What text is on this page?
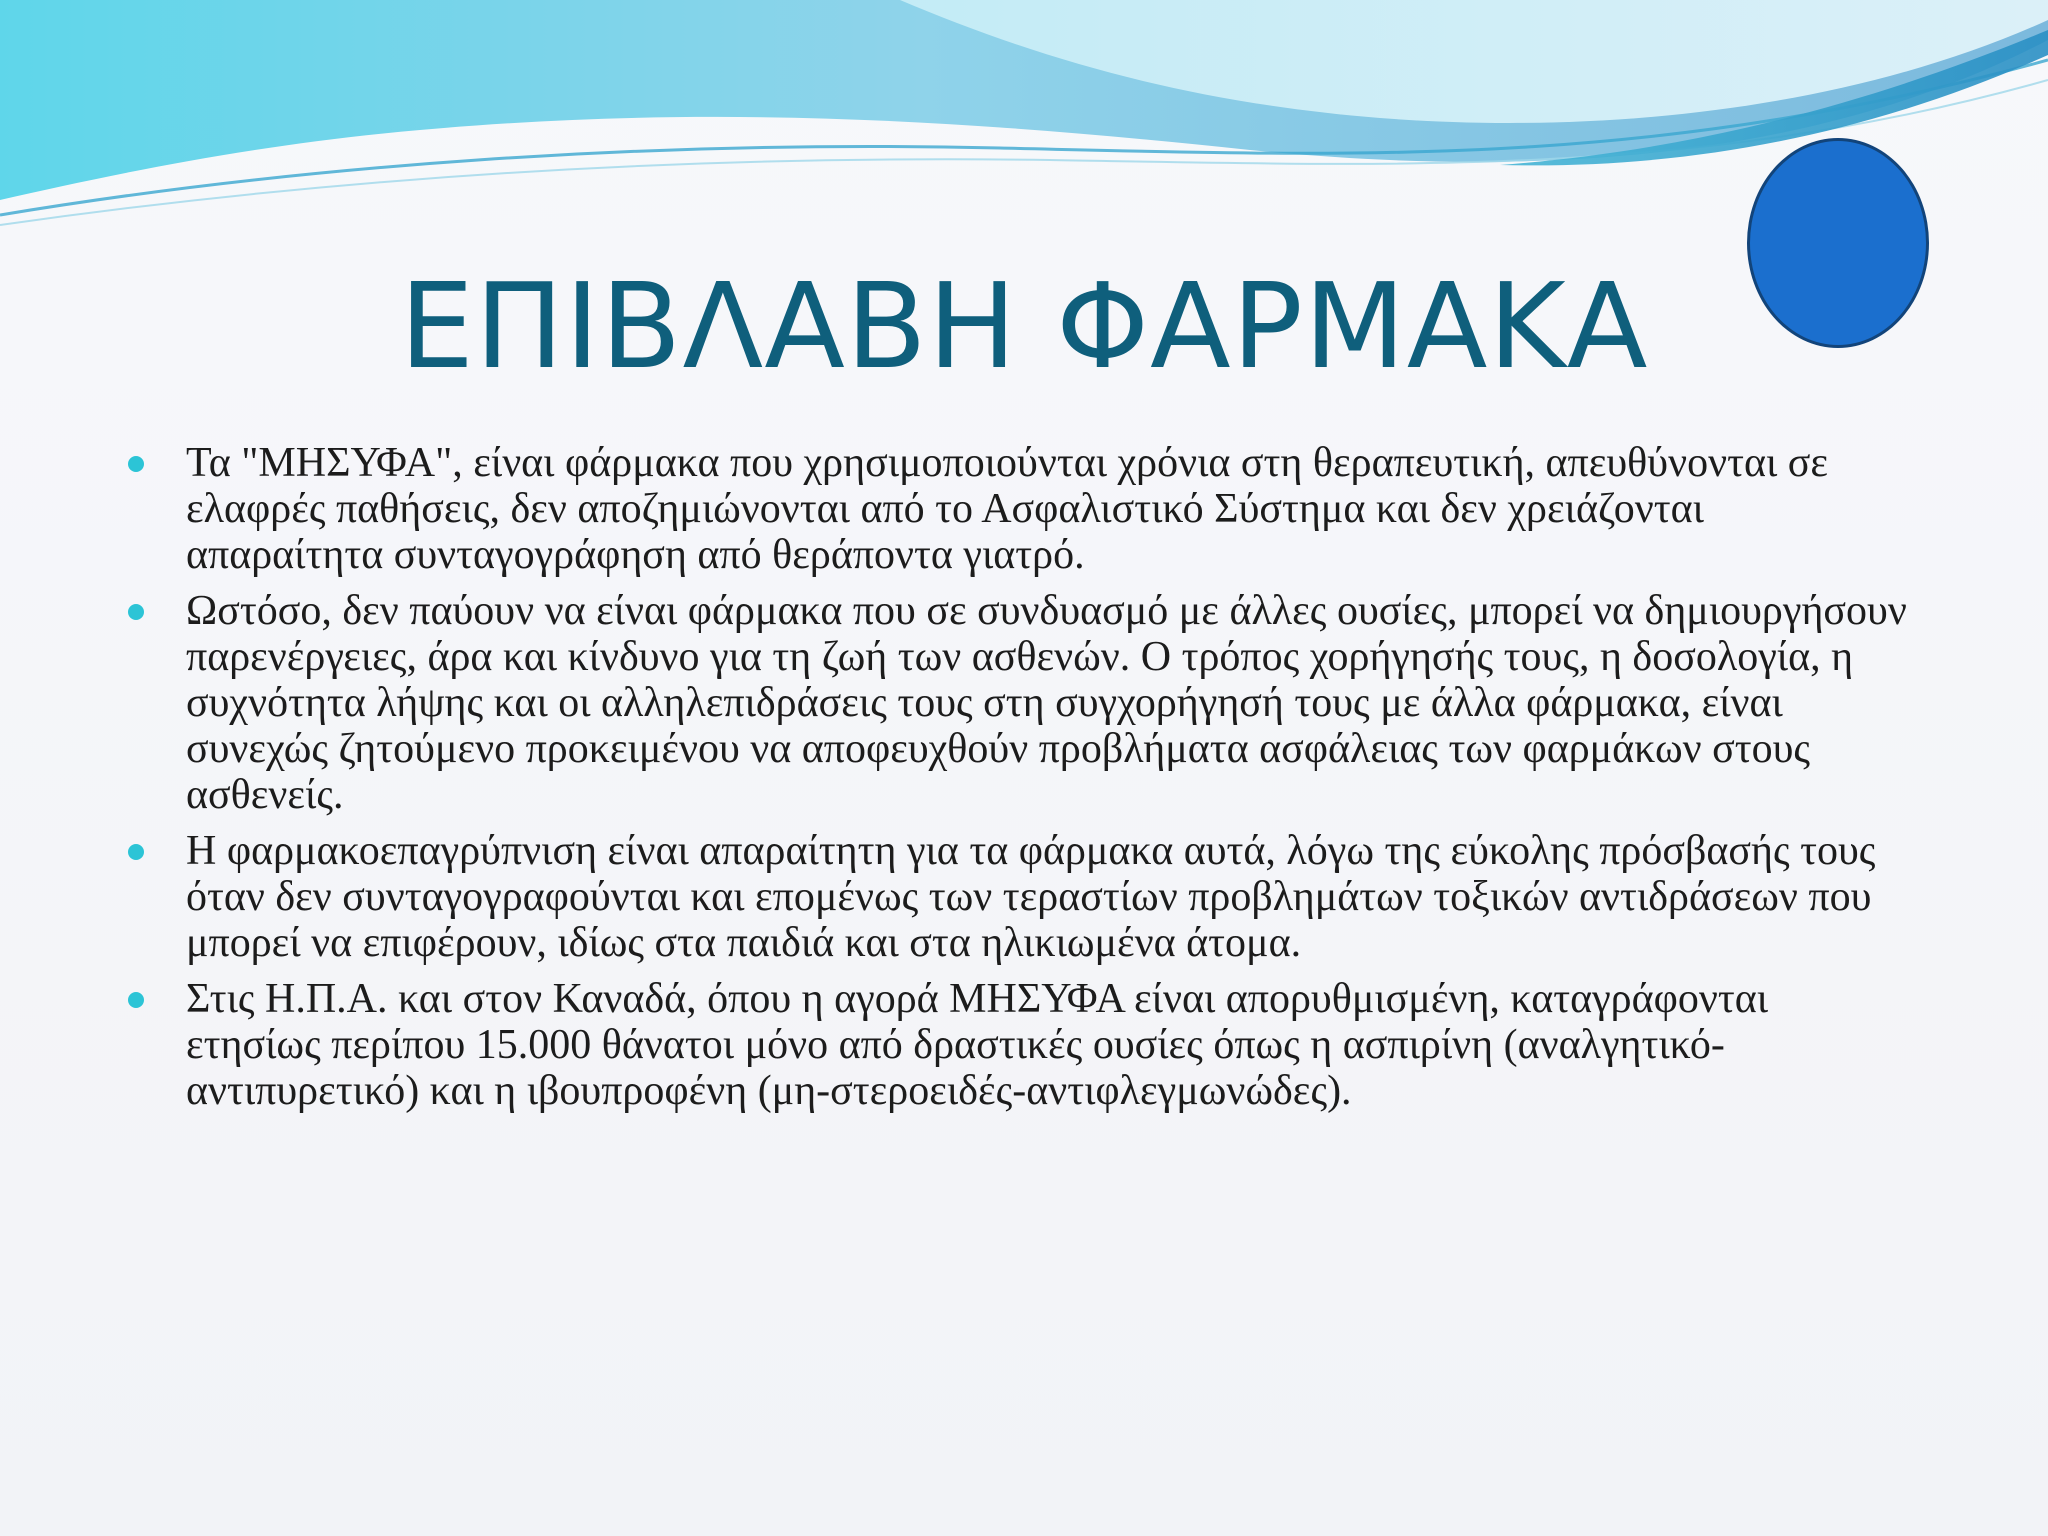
ΕΠΙΒΛΑΒΗ ΦΑΡΜΑΚΑ
Τα "ΜΗΣΥΦΑ", είναι φάρμακα που χρησιμοποιούνται χρόνια στη θεραπευτική, απευθύνονται σε ελαφρές παθήσεις, δεν αποζημιώνονται από το Ασφαλιστικό Σύστημα και δεν χρειάζονται απαραίτητα συνταγογράφηση από θεράποντα γιατρό.
Ωστόσο, δεν παύουν να είναι φάρμακα που σε συνδυασμό με άλλες ουσίες, μπορεί να δημιουργήσουν παρενέργειες, άρα και κίνδυνο για τη ζωή των ασθενών. Ο τρόπος χορήγησής τους, η δοσολογία, η συχνότητα λήψης και οι αλληλεπιδράσεις τους στη συγχορήγησή τους με άλλα φάρμακα, είναι συνεχώς ζητούμενο προκειμένου να αποφευχθούν προβλήματα ασφάλειας των φαρμάκων στους ασθενείς.
Η φαρμακοεπαγρύπνιση είναι απαραίτητη για τα φάρμακα αυτά, λόγω της εύκολης πρόσβασής τους όταν δεν συνταγογραφούνται και επομένως των τεραστίων προβλημάτων τοξικών αντιδράσεων που μπορεί να επιφέρουν, ιδίως στα παιδιά και στα ηλικιωμένα άτομα.
Στις Η.Π.Α. και στον Καναδά, όπου η αγορά ΜΗΣΥΦΑ είναι απορυθμισμένη, καταγράφονται ετησίως περίπου 15.000 θάνατοι μόνο από δραστικές ουσίες όπως η ασπιρίνη (αναλγητικό-αντιπυρετικό) και η ιβουπροφένη (μη-στεροειδές-αντιφλεγμωνώδες).
